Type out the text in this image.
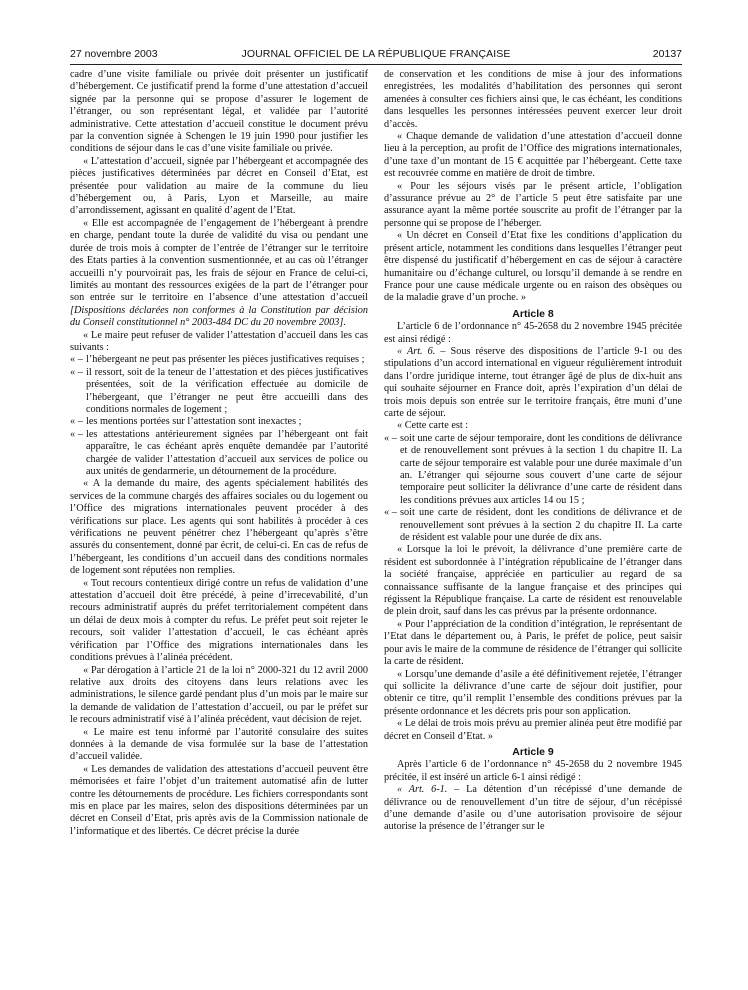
27 novembre 2003	JOURNAL OFFICIEL DE LA RÉPUBLIQUE FRANÇAISE	20137

cadre d’une visite familiale ou privée doit présenter un justificatif d’hébergement. Ce justificatif prend la forme d’une attestation d’accueil signée par la personne qui se propose d’assurer le logement de l’étranger, ou son représentant légal, et validée par l’autorité administrative. Cette attestation d’accueil constitue le document prévu par la convention signée à Schengen le 19 juin 1990 pour justifier les conditions de séjour dans le cas d’une visite familiale ou privée.

« L’attestation d’accueil, signée par l’hébergeant et accompagnée des pièces justificatives déterminées par décret en Conseil d’Etat, est présentée pour validation au maire de la commune du lieu d’hébergement ou, à Paris, Lyon et Marseille, au maire d’arrondissement, agissant en qualité d’agent de l’Etat.

« Elle est accompagnée de l’engagement de l’hébergeant à prendre en charge, pendant toute la durée de validité du visa ou pendant une durée de trois mois à compter de l’entrée de l’étranger sur le territoire des Etats parties à la convention susmentionnée, et au cas où l’étranger accueilli n’y pourvoirait pas, les frais de séjour en France de celui-ci, limités au montant des ressources exigées de la part de l’étranger pour son entrée sur le territoire en l’absence d’une attestation d’accueil [Dispositions déclarées non conformes à la Constitution par décision du Conseil constitutionnel n° 2003-484 DC du 20 novembre 2003].

« Le maire peut refuser de valider l’attestation d’accueil dans les cas suivants :

« – l’hébergeant ne peut pas présenter les pièces justificatives requises ;
« – il ressort, soit de la teneur de l’attestation et des pièces justificatives présentées, soit de la vérification effectuée au domicile de l’hébergeant, que l’étranger ne peut être accueilli dans des conditions normales de logement ;
« – les mentions portées sur l’attestation sont inexactes ;
« – les attestations antérieurement signées par l’hébergeant ont fait apparaître, le cas échéant après enquête demandée par l’autorité chargée de valider l’attestation d’accueil aux services de police ou aux unités de gendarmerie, un détournement de la procédure.

« A la demande du maire, des agents spécialement habilités des services de la commune chargés des affaires sociales ou du logement ou l’Office des migrations internationales peuvent procéder à des vérifications sur place. Les agents qui sont habilités à procéder à ces vérifications ne peuvent pénétrer chez l’hébergeant qu’après s’être assurés du consentement, donné par écrit, de celui-ci. En cas de refus de l’hébergeant, les conditions d’un accueil dans des conditions normales de logement sont réputées non remplies.

« Tout recours contentieux dirigé contre un refus de validation d’une attestation d’accueil doit être précédé, à peine d’irrecevabilité, d’un recours administratif auprès du préfet territorialement compétent dans un délai de deux mois à compter du refus. Le préfet peut soit rejeter le recours, soit valider l’attestation d’accueil, le cas échéant après vérification par l’Office des migrations internationales dans les conditions prévues à l’alinéa précédent.

« Par dérogation à l’article 21 de la loi n° 2000-321 du 12 avril 2000 relative aux droits des citoyens dans leurs relations avec les administrations, le silence gardé pendant plus d’un mois par le maire sur la demande de validation de l’attestation d’accueil, ou par le préfet sur le recours administratif visé à l’alinéa précédent, vaut décision de rejet.

« Le maire est tenu informé par l’autorité consulaire des suites données à la demande de visa formulée sur la base de l’attestation d’accueil validée.

« Les demandes de validation des attestations d’accueil peuvent être mémorisées et faire l’objet d’un traitement automatisé afin de lutter contre les détournements de procédure. Les fichiers correspondants sont mis en place par les maires, selon des dispositions déterminées par un décret en Conseil d’Etat, pris après avis de la Commission nationale de l’informatique et des libertés. Ce décret précise la durée

de conservation et les conditions de mise à jour des informations enregistrées, les modalités d’habilitation des personnes qui seront amenées à consulter ces fichiers ainsi que, le cas échéant, les conditions dans lesquelles les personnes intéressées peuvent exercer leur droit d’accès.

« Chaque demande de validation d’une attestation d’accueil donne lieu à la perception, au profit de l’Office des migrations internationales, d’une taxe d’un montant de 15 € acquittée par l’hébergeant. Cette taxe est recouvrée comme en matière de droit de timbre.

« Pour les séjours visés par le présent article, l’obligation d’assurance prévue au 2° de l’article 5 peut être satisfaite par une assurance ayant la même portée souscrite au profit de l’étranger par la personne qui se propose de l’héberger.

« Un décret en Conseil d’Etat fixe les conditions d’application du présent article, notamment les conditions dans lesquelles l’étranger peut être dispensé du justificatif d’hébergement en cas de séjour à caractère humanitaire ou d’échange culturel, ou lorsqu’il demande à se rendre en France pour une cause médicale urgente ou en raison des obsèques ou de la maladie grave d’un proche. »

Article 8

L’article 6 de l’ordonnance n° 45-2658 du 2 novembre 1945 précitée est ainsi rédigé :

« Art. 6. – Sous réserve des dispositions de l’article 9-1 ou des stipulations d’un accord international en vigueur régulièrement introduit dans l’ordre juridique interne, tout étranger âgé de plus de dix-huit ans qui souhaite séjourner en France doit, après l’expiration d’un délai de trois mois depuis son entrée sur le territoire français, être muni d’une carte de séjour.

« Cette carte est :

« – soit une carte de séjour temporaire, dont les conditions de délivrance et de renouvellement sont prévues à la section 1 du chapitre II. La carte de séjour temporaire est valable pour une durée maximale d’un an. L’étranger qui séjourne sous couvert d’une carte de séjour temporaire peut solliciter la délivrance d’une carte de résident dans les conditions prévues aux articles 14 ou 15 ;
« – soit une carte de résident, dont les conditions de délivrance et de renouvellement sont prévues à la section 2 du chapitre II. La carte de résident est valable pour une durée de dix ans.

« Lorsque la loi le prévoit, la délivrance d’une première carte de résident est subordonnée à l’intégration républicaine de l’étranger dans la société française, appréciée en particulier au regard de sa connaissance suffisante de la langue française et des principes qui régissent la République française. La carte de résident est renouvelable de plein droit, sauf dans les cas prévus par la présente ordonnance.

« Pour l’appréciation de la condition d’intégration, le représentant de l’Etat dans le département ou, à Paris, le préfet de police, peut saisir pour avis le maire de la commune de résidence de l’étranger qui sollicite la carte de résident.

« Lorsqu’une demande d’asile a été définitivement rejetée, l’étranger qui sollicite la délivrance d’une carte de séjour doit justifier, pour obtenir ce titre, qu’il remplit l’ensemble des conditions prévues par la présente ordonnance et les décrets pris pour son application.

« Le délai de trois mois prévu au premier alinéa peut être modifié par décret en Conseil d’Etat. »

Article 9

Après l’article 6 de l’ordonnance n° 45-2658 du 2 novembre 1945 précitée, il est inséré un article 6-1 ainsi rédigé :

« Art. 6-1. – La détention d’un récépissé d’une demande de délivrance ou de renouvellement d’un titre de séjour, d’un récépissé d’une demande d’asile ou d’une autorisation provisoire de séjour autorise la présence de l’étranger sur le
